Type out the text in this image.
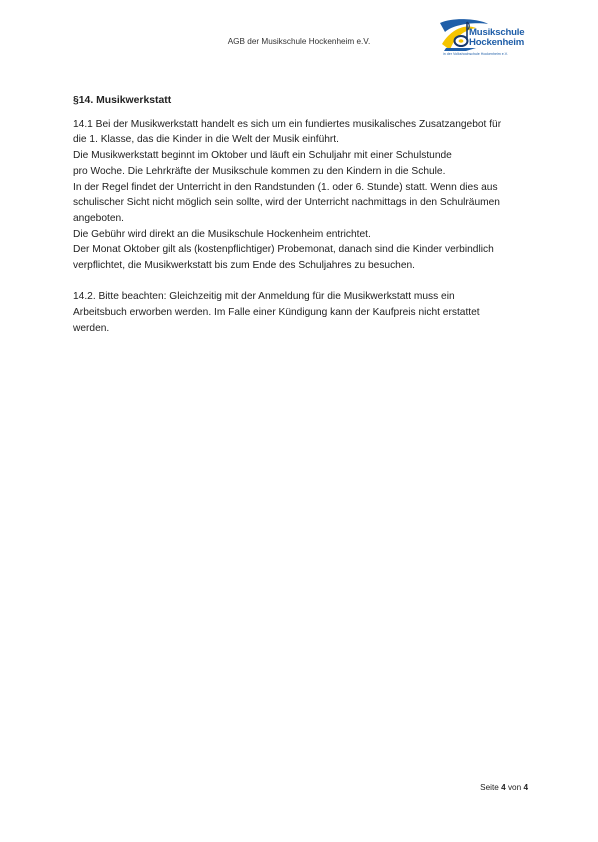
AGB der Musikschule Hockenheim e.V.
Musikschule
Hockenheim
in der Volkshochschule Hockenheim e.V.
§14. Musikwerkstatt
14.1 Bei der Musikwerkstatt handelt es sich um ein fundiertes musikalisches Zusatzangebot für
die 1. Klasse, das die Kinder in die Welt der Musik einführt.
Die Musikwerkstatt beginnt im Oktober und läuft ein Schuljahr mit einer Schulstunde
pro Woche. Die Lehrkräfte der Musikschule kommen zu den Kindern in die Schule.
In der Regel findet der Unterricht in den Randstunden (1. oder 6. Stunde) statt. Wenn dies aus
schulischer Sicht nicht möglich sein sollte, wird der Unterricht nachmittags in den Schulräumen
angeboten.
Die Gebühr wird direkt an die Musikschule Hockenheim entrichtet.
Der Monat Oktober gilt als (kostenpflichtiger) Probemonat, danach sind die Kinder verbindlich
verpflichtet, die Musikwerkstatt bis zum Ende des Schuljahres zu besuchen.
14.2. Bitte beachten: Gleichzeitig mit der Anmeldung für die Musikwerkstatt muss ein
Arbeitsbuch erworben werden. Im Falle einer Kündigung kann der Kaufpreis nicht erstattet
werden.
Seite 4 von 4
